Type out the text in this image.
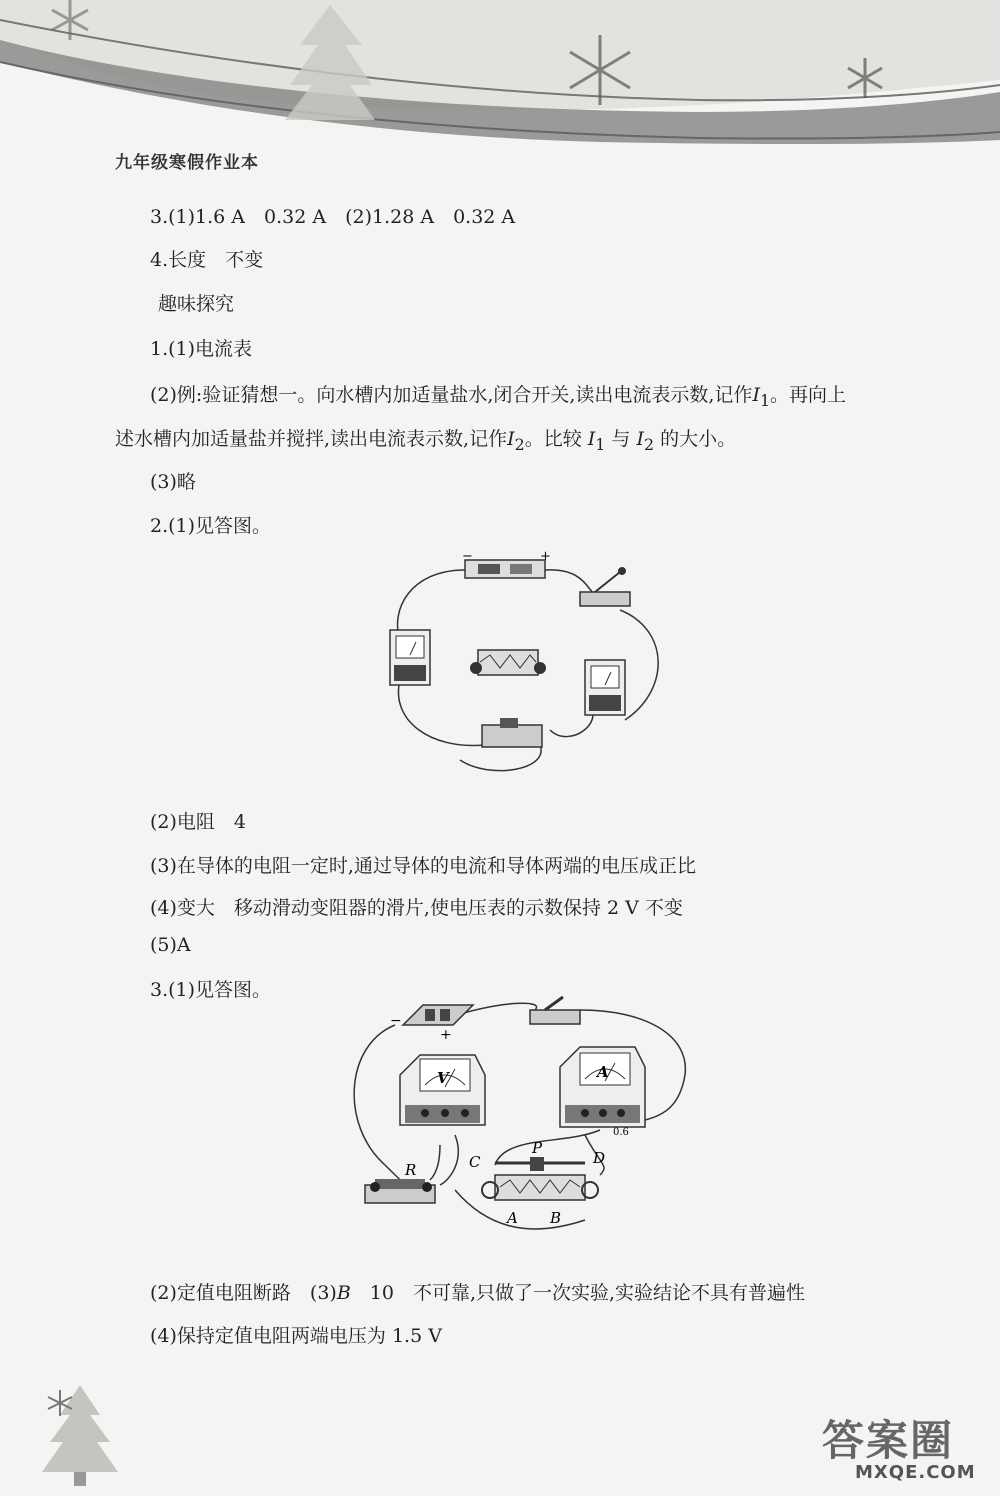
九年级寒假作业本
3.(1)1.6 A　0.32 A　(2)1.28 A　0.32 A
4.长度　不变
趣味探究
1.(1)电流表
(2)例:验证猜想一。向水槽内加适量盐水,闭合开关,读出电流表示数,记作$I_1$。再向上
述水槽内加适量盐并搅拌,读出电流表示数,记作$I_2$。比较 $I_1$ 与 $I_2$ 的大小。
(3)略
2.(1)见答图。
−	+
(2)电阻　4
(3)在导体的电阻一定时,通过导体的电流和导体两端的电压成正比
(4)变大　移动滑动变阻器的滑片,使电压表的示数保持 2 V 不变
(5)A
3.(1)见答图。
−
+
V	A
0.6
R
P
C	D
A B
(2)定值电阻断路　(3)B　10　不可靠,只做了一次实验,实验结论不具有普遍性
(4)保持定值电阻两端电压为 1.5 V
答案圈
MXQE.COM
